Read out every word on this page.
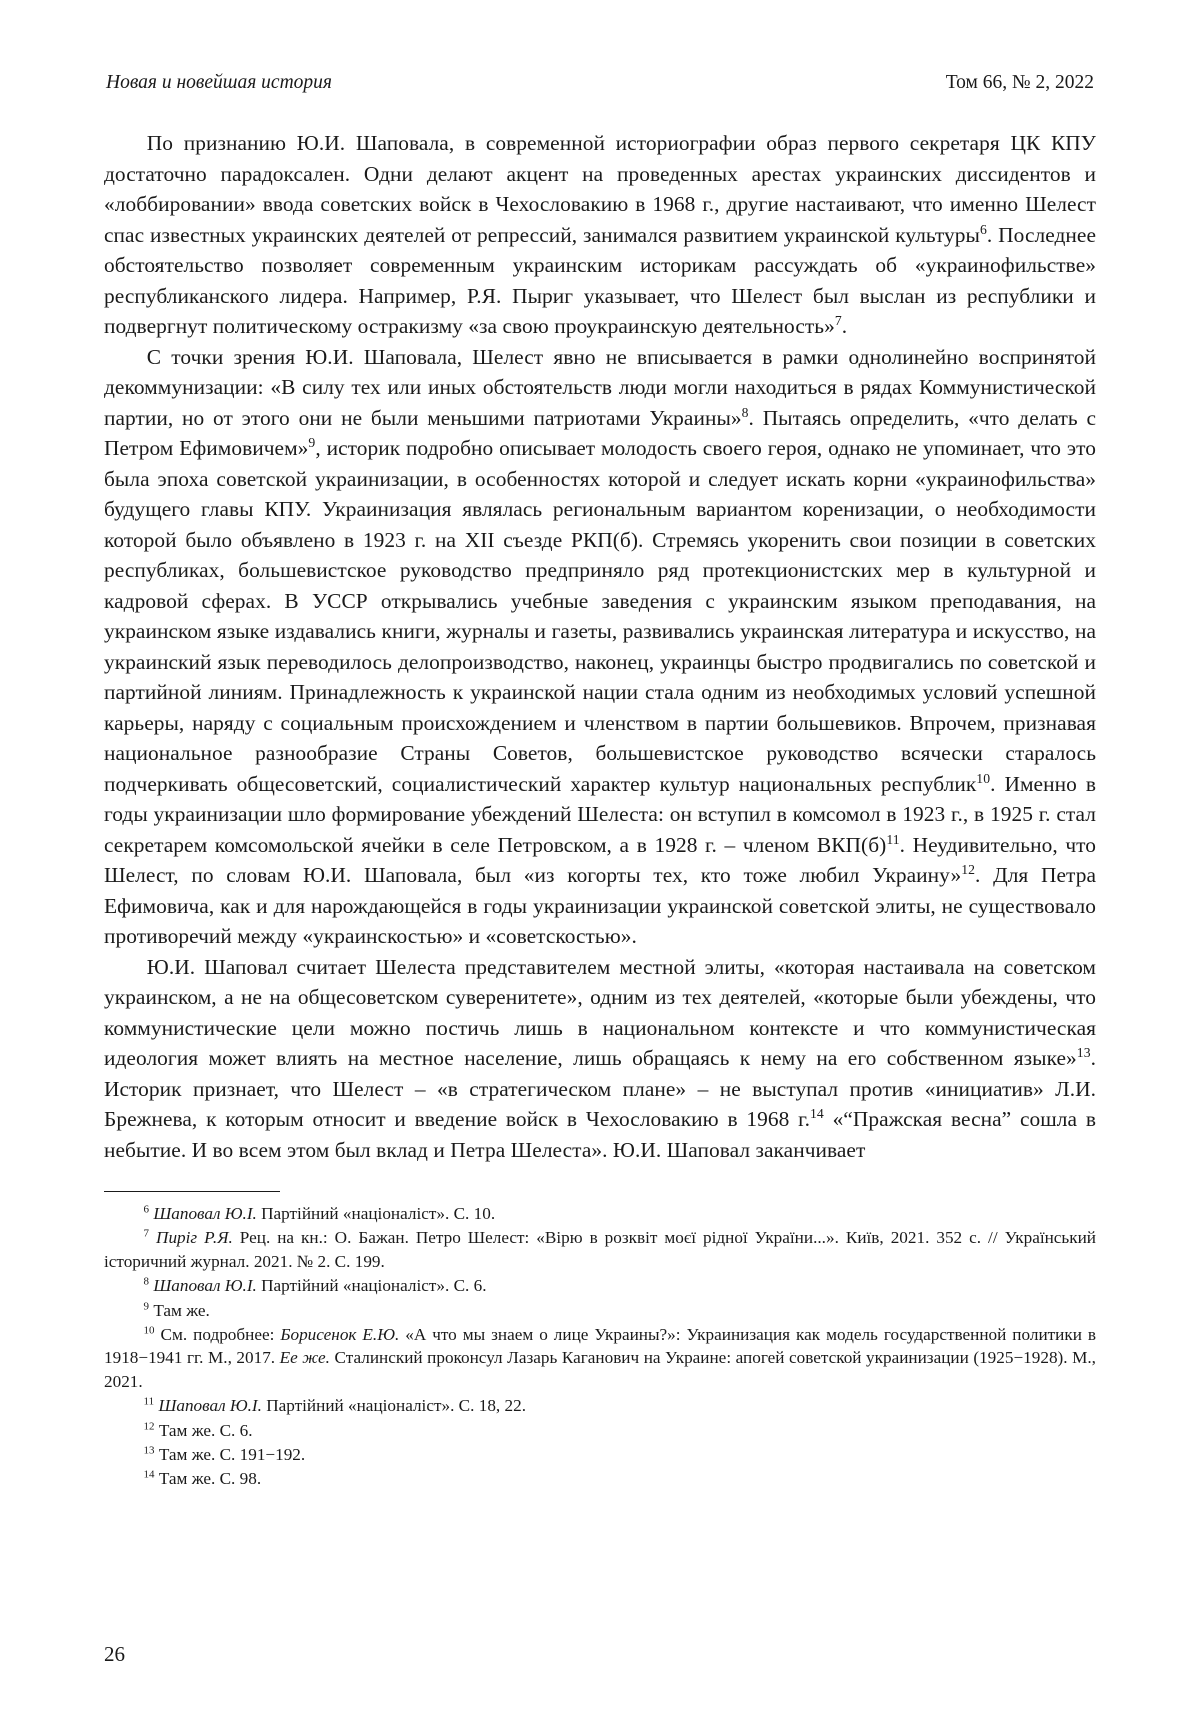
Новая и новейшая история	Том 66, № 2, 2022

По признанию Ю.И. Шаповала, в современной историографии образ первого секретаря ЦК КПУ достаточно парадоксален. Одни делают акцент на проведенных арестах украинских диссидентов и «лоббировании» ввода советских войск в Чехословакию в 1968 г., другие настаивают, что именно Шелест спас известных украинских деятелей от репрессий, занимался развитием украинской культуры$^6$. Последнее обстоятельство позволяет современным украинским историкам рассуждать об «украинофильстве» республиканского лидера. Например, Р.Я. Пыриг указывает, что Шелест был выслан из республики и подвергнут политическому остракизму «за свою проукраинскую деятельность»$^7$.

С точки зрения Ю.И. Шаповала, Шелест явно не вписывается в рамки однолинейно воспринятой декоммунизации: «В силу тех или иных обстоятельств люди могли находиться в рядах Коммунистической партии, но от этого они не были меньшими патриотами Украины»$^8$. Пытаясь определить, «что делать с Петром Ефимовичем»$^9$, историк подробно описывает молодость своего героя, однако не упоминает, что это была эпоха советской украинизации, в особенностях которой и следует искать корни «украинофильства» будущего главы КПУ. Украинизация являлась региональным вариантом коренизации, о необходимости которой было объявлено в 1923 г. на XII съезде РКП(б). Стремясь укоренить свои позиции в советских республиках, большевистское руководство предприняло ряд протекционистских мер в культурной и кадровой сферах. В УССР открывались учебные заведения с украинским языком преподавания, на украинском языке издавались книги, журналы и газеты, развивались украинская литература и искусство, на украинский язык переводилось делопроизводство, наконец, украинцы быстро продвигались по советской и партийной линиям. Принадлежность к украинской нации стала одним из необходимых условий успешной карьеры, наряду с социальным происхождением и членством в партии большевиков. Впрочем, признавая национальное разнообразие Страны Советов, большевистское руководство всячески старалось подчеркивать общесоветский, социалистический характер культур национальных республик$^{10}$. Именно в годы украинизации шло формирование убеждений Шелеста: он вступил в комсомол в 1923 г., в 1925 г. стал секретарем комсомольской ячейки в селе Петровском, а в 1928 г. – членом $ВКП(б)^{11}$. Неудивительно, что Шелест, по словам Ю.И. Шаповала, был «из когорты тех, кто тоже любил Украину»$^{12}$. Для Петра Ефимовича, как и для нарождающейся в годы украинизации украинской советской элиты, не существовало противоречий между «украинскостью» и «советскостью».

Ю.И. Шаповал считает Шелеста представителем местной элиты, «которая настаивала на советском украинском, а не на общесоветском суверенитете», одним из тех деятелей, «которые были убеждены, что коммунистические цели можно постичь лишь в национальном контексте и что коммунистическая идеология может влиять на местное население, лишь обращаясь к нему на его собственном языке»$^{13}$. Историк признает, что Шелест – «в стратегическом плане» – не выступал против «инициатив» Л.И. Брежнева, к которым относит и введение войск в Чехословакию в 1968 г.$^{14}$ «“Пражская весна” сошла в небытие. И во всем этом был вклад и Петра Шелеста». Ю.И. Шаповал заканчивает

$^6$ Шаповал Ю.І. Партійний «націоналіст». С. 10.

$^7$ Пиріг Р.Я. Рец. на кн.: О. Бажан. Петро Шелест: «Вірю в розквіт моєї рідної України...». Київ, 2021. 352 с. // Український історичний журнал. 2021. № 2. С. 199.

$^8$ Шаповал Ю.І. Партійний «націоналіст». С. 6.

$^9$ Там же.

$^{10}$ См. подробнее: Борисенок Е.Ю. «А что мы знаем о лице Украины?»: Украинизация как модель государственной политики в 1918−1941 гг. М., 2017. Ее же. Сталинский проконсул Лазарь Каганович на Украине: апогей советской украинизации (1925−1928). М., 2021.

$^{11}$ Шаповал Ю.І. Партійний «націоналіст». С. 18, 22.

$^{12}$ Там же. С. 6.

$^{13}$ Там же. С. 191−192.

$^{14}$ Там же. С. 98.

26
